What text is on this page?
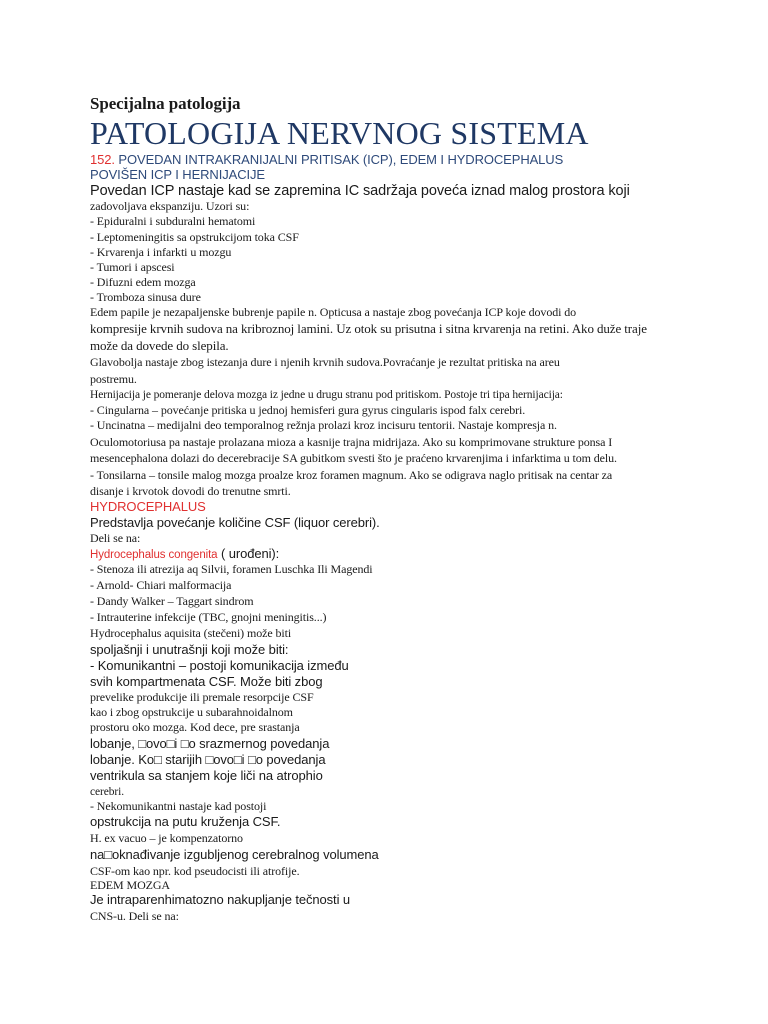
Specijalna patologija
PATOLOGIJA NERVNOG SISTEMA
152. POVEDAN INTRAKRANIJALNI PRITISAK (ICP), EDEM I HYDROCEPHALUS
POVIŠEN ICP I HERNIJACIJE
Povedan ICP nastaje kad se zapremina IC sadržaja poveća iznad malog prostora koji
zadovoljava ekspanziju. Uzori su:
- Epiduralni i subduralni hematomi
- Leptomeningitis sa opstrukcijom toka CSF
- Krvarenja i infarkti u mozgu
- Tumori i apscesi
- Difuzni edem mozga
- Tromboza sinusa dure
Edem papile je nezapaljenske bubrenje papile n. Opticusa a nastaje zbog povećanja ICP koje dovodi do
kompresije krvnih sudova na kribroznoj lamini. Uz otok su prisutna i sitna krvarenja na retini. Ako duže traje
može da dovede do slepila.
Glavobolja nastaje zbog istezanja dure i njenih krvnih sudova.Povraćanje je rezultat pritiska na areu
postremu.
Hernijacija je pomeranje delova mozga iz jedne u drugu stranu pod pritiskom. Postoje tri tipa hernijacija:
- Cingularna – povećanje pritiska u jednoj hemisferi gura gyrus cingularis ispod falx cerebri.
- Uncinatna – medijalni deo temporalnog režnja prolazi kroz incisuru tentorii. Nastaje kompresja n.
Oculomotoriusa pa nastaje prolazana mioza a kasnije trajna midrijaza. Ako su komprimovane strukture ponsa I
mesencephalona dolazi do decerebracije SA gubitkom svesti što je praćeno krvarenjima i infarktima u tom delu.
- Tonsilarna – tonsile malog mozga proalze kroz foramen magnum. Ako se odigrava naglo pritisak na centar za
disanje i krvotok dovodi do trenutne smrti.
HYDROCEPHALUS
Predstavlja povećanje količine CSF (liquor cerebri).
Deli se na:
Hydrocephalus congenita ( urođeni):
- Stenoza ili atrezija aq Silvii, foramen Luschka Ili Magendi
- Arnold- Chiari malformacija
- Dandy Walker – Taggart sindrom
- Intrauterine infekcije (TBC, gnojni meningitis...)
Hydrocephalus aquisita (stečeni) može biti
spoljašnji i unutrašnji koji može biti:
- Komunikantni – postoji komunikacija između
svih kompartmenata CSF. Može biti zbog
prevelike produkcije ili premale resorpcije CSF
kao i zbog opstrukcije u subarahnoidalnom
prostoru oko mozga. Kod dece, pre srastanja
lobanje, □ovo□i □o srazmernog povedanja
lobanje. Ko□ starijih □ovo□i □o povedanja
ventrikula sa stanjem koje liči na atrophio
cerebri.
- Nekomunikantni nastaje kad postoji
opstrukcija na putu kruženja CSF.
H. ex vacuo – je kompenzatorno
na□oknađivanje izgubljenog cerebralnog volumena
CSF-om kao npr. kod pseudocisti ili atrofije.
EDEM MOZGA
Je intraparenhimatozno nakupljanje tečnosti u
CNS-u. Deli se na:
